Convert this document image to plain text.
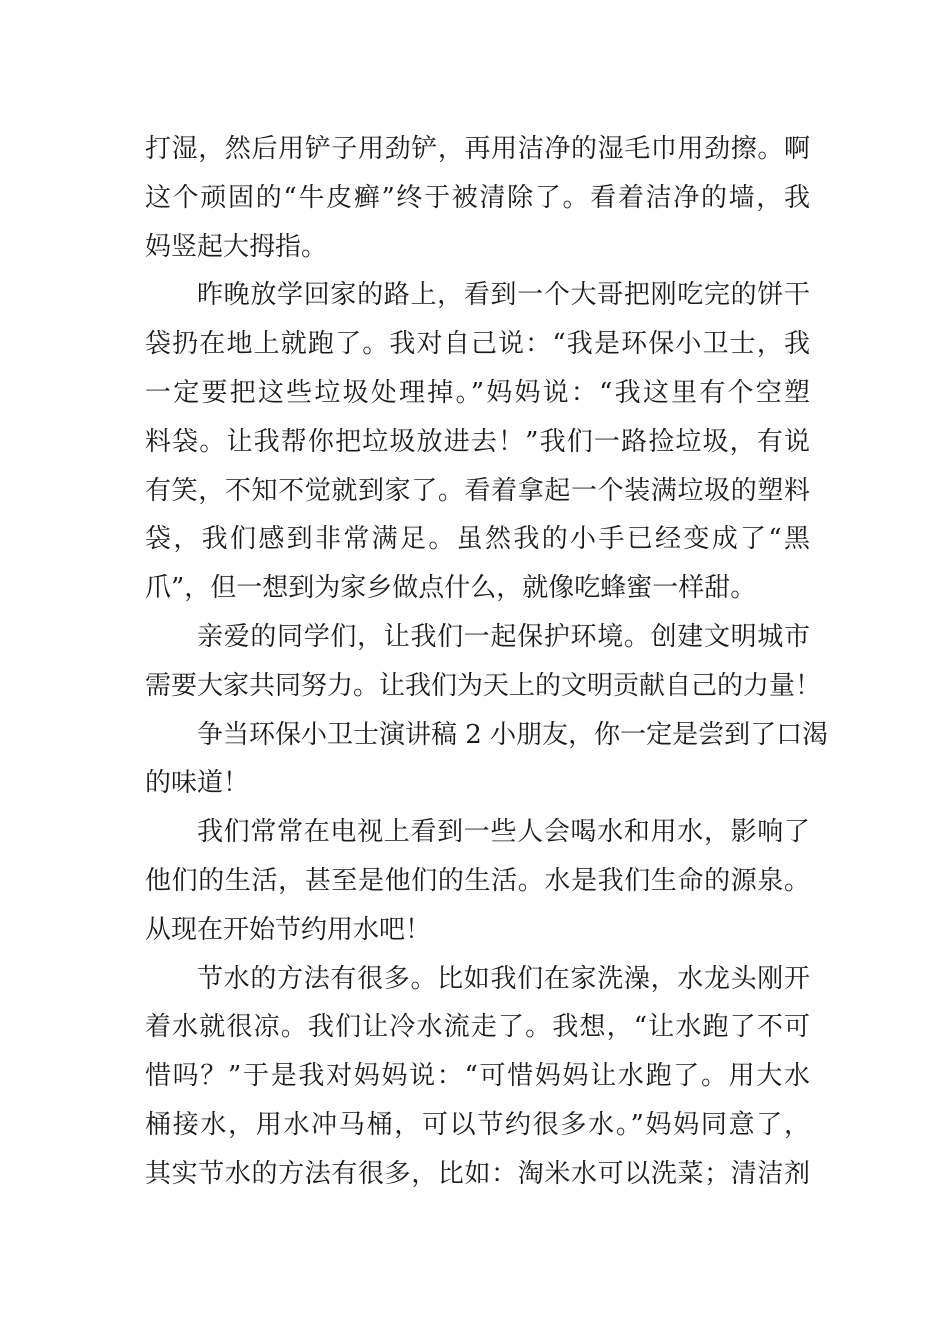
打湿，然后用铲子用劲铲，再用洁净的湿毛巾用劲擦。啊
这个顽固的“牛皮癣”终于被清除了。看着洁净的墙，我
妈竖起大拇指。
昨晚放学回家的路上，看到一个大哥把刚吃完的饼干
袋扔在地上就跑了。我对自己说：“我是环保小卫士，我
一定要把这些垃圾处理掉。”妈妈说：“我这里有个空塑
料袋。让我帮你把垃圾放进去！”我们一路捡垃圾，有说
有笑，不知不觉就到家了。看着拿起一个装满垃圾的塑料
袋，我们感到非常满足。虽然我的小手已经变成了“黑
爪”，但一想到为家乡做点什么，就像吃蜂蜜一样甜。
亲爱的同学们，让我们一起保护环境。创建文明城市
需要大家共同努力。让我们为天上的文明贡献自己的力量！
争当环保小卫士演讲稿 2 小朋友，你一定是尝到了口渴
的味道！
我们常常在电视上看到一些人会喝水和用水，影响了
他们的生活，甚至是他们的生活。水是我们生命的源泉。
从现在开始节约用水吧！
节水的方法有很多。比如我们在家洗澡，水龙头刚开
着水就很凉。我们让冷水流走了。我想，“让水跑了不可
惜吗？”于是我对妈妈说：“可惜妈妈让水跑了。用大水
桶接水，用水冲马桶，可以节约很多水。”妈妈同意了，
其实节水的方法有很多，比如：淘米水可以洗菜；清洁剂
